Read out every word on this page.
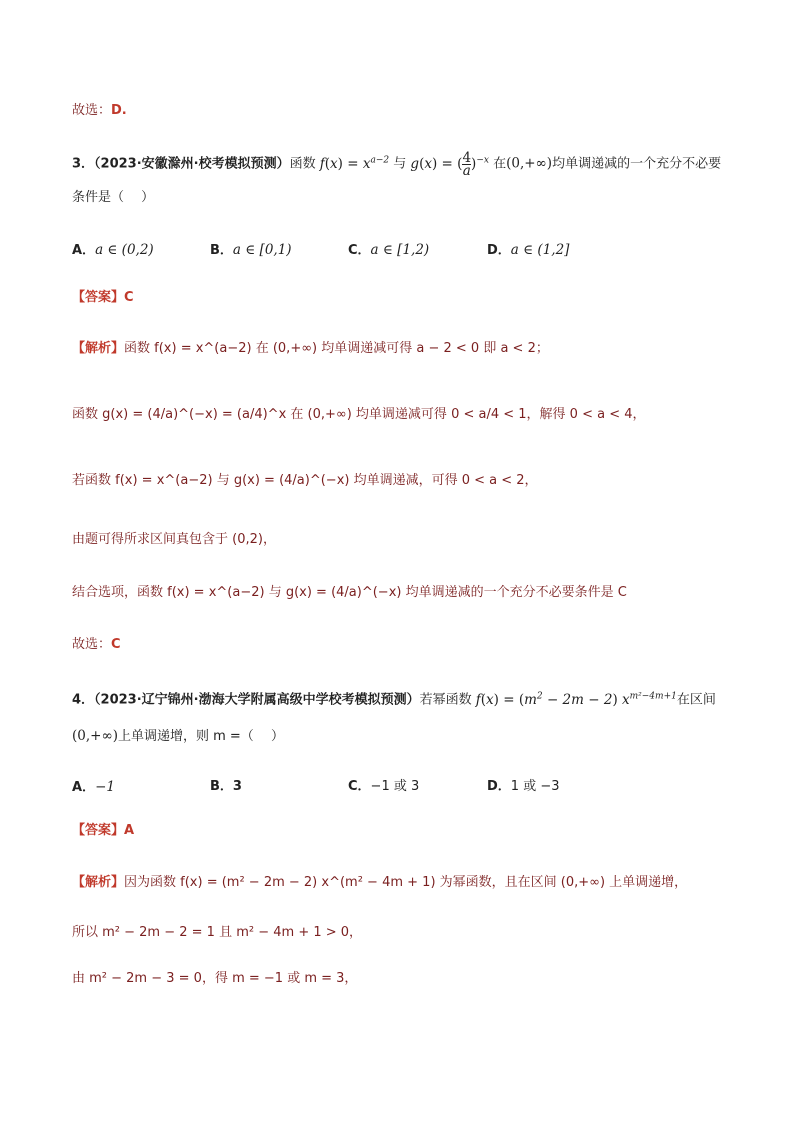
故选：D.
3．（2023·安徽滁州·校考模拟预测）函数 $f(x) = x^{a-2}$ 与 g(x) = ( $\frac{4}{a} )^{-x}$ 在(0,+∞)均单调递减的一个充分不必要
条件是（　 ）
A．a ∈ (0,2)	B．a ∈ [0,1)	C．a ∈ [1,2)	D．a ∈ (1,2]
【答案】C
【解析】函数 f(x) = x^(a−2) 在 (0,+∞) 均单调递减可得 a − 2 < 0 即 a < 2；
函数 g(x) = (4/a)^(−x) = (a/4)^x 在 (0,+∞) 均单调递减可得 0 < a/4 < 1，解得 0 < a < 4，
若函数 f(x) = x^(a−2) 与 g(x) = (4/a)^(−x) 均单调递减，可得 0 < a < 2，
由题可得所求区间真包含于 (0,2)，
结合选项，函数 f(x) = x^(a−2) 与 g(x) = (4/a)^(−x) 均单调递减的一个充分不必要条件是 C
故选：C
4．（2023·辽宁锦州·渤海大学附属高级中学校考模拟预测）若幂函数 $f(x) = (m^2 - 2m - 2)$ $x^{m^2-4m+1}$在区间
(0,+∞)上单调递增，则 m =（　 ）
A．−1	B．3	C．−1 或 3	D．1 或 −3
【答案】A
【解析】因为函数 f(x) = (m² − 2m − 2) x^(m² − 4m + 1) 为幂函数，且在区间 (0,+∞) 上单调递增，
所以 m² − 2m − 2 = 1 且 m² − 4m + 1 > 0，
由 m² − 2m − 3 = 0，得 m = −1 或 m = 3，
